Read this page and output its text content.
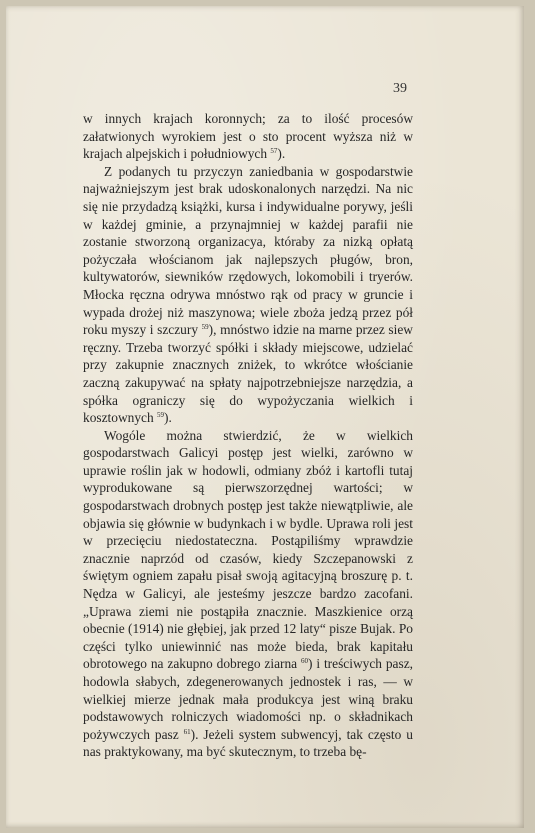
39

w innych krajach koronnych; za to ilość procesów załatwionych wyrokiem jest o sto procent wyższa niż w krajach alpejskich i południowych $^{57}$).

Z podanych tu przyczyn zaniedbania w gospodarstwie najważniejszym jest brak udoskonalonych narzędzi. Na nic się nie przydadzą książki, kursa i indywidualne porywy, jeśli w każdej gminie, a przynajmniej w każdej parafii nie zostanie stworzoną organizacya, któraby za nizką opłatą pożyczała włościanom jak najlepszych pługów, bron, kultywatorów, siewników rzędowych, lokomobili i tryerów. Młocka ręczna odrywa mnóstwo rąk od pracy w gruncie i wypada drożej niż maszynowa; wiele zboża jedzą przez pół roku myszy i szczury $^{59}$), mnóstwo idzie na marne przez siew ręczny. Trzeba tworzyć spółki i składy miejscowe, udzielać przy zakupnie znacznych zniżek, to wkrótce włościanie zaczną zakupywać na spłaty najpotrzebniejsze narzędzia, a spółka ograniczy się do wypożyczania wielkich i kosztownych $^{59}$).

Wogóle można stwierdzić, że w wielkich gospodarstwach Galicyi postęp jest wielki, zarówno w uprawie roślin jak w hodowli, odmiany zbóż i kartofli tutaj wyprodukowane są pierwszorzędnej wartości; w gospodarstwach drobnych postęp jest także niewątpliwie, ale objawia się głównie w budynkach i w bydle. Uprawa roli jest w przecięciu niedostateczna. Postąpiliśmy wprawdzie znacznie naprzód od czasów, kiedy Szczepanowski z świętym ogniem zapału pisał swoją agitacyjną broszurę p. t. Nędza w Galicyi, ale jesteśmy jeszcze bardzo zacofani. „Uprawa ziemi nie postąpiła znacznie. Maszkienice orzą obecnie (1914) nie głębiej, jak przed 12 laty“ pisze Bujak. Po części tylko uniewinnić nas może bieda, brak kapitału obrotowego na zakupno dobrego ziarna $^{60}$) i treściwych pasz, hodowla słabych, zdegenerowanych jednostek i ras, — w wielkiej mierze jednak mała produkcya jest winą braku podstawowych rolniczych wiadomości np. o składnikach pożywczych pasz $^{61}$). Jeżeli system subwencyj, tak często u nas praktykowany, ma być skutecznym, to trzeba bę-
